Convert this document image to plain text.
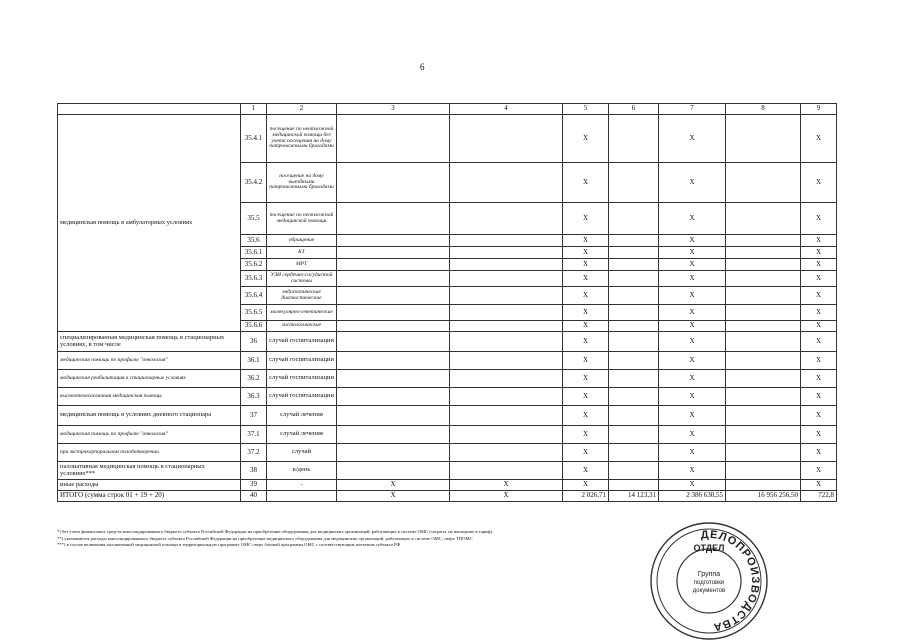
6
	1	2	3	4	5	6	7	8	9
медицинская помощь в амбулаторных условиях	35.4.1	посещение по неотложной медицинской помощи без учета посещения на дому патронажными бригадами			X		X		X
	35.4.2	посещение на дому выездными патронажными бригадами			X		X		X
	35.5	посещение по неотложной медицинской помощи			X		X		X
	35.6	обращение			X		X		X
	35.6.1	КТ			X		X		X
	35.6.2	МРТ			X		X		X
	35.6.3	УЗИ сердечно-сосудистой системы			X		X		X
	35.6.4	эндоскопические диагностические			X		X		X
	35.6.5	молекулярно-генетические			X		X		X
	35.6.6	гистологические			X		X		X
специализированная медицинская помощь в стационарных условиях, в том числе	36	случай госпитализации			X		X		X
медицинская помощь по профилю "онкология"	36.1	случай госпитализации			X		X		X
медицинская реабилитация в стационарных условиях	36.2	случай госпитализации			X		X		X
высокотехнологичная медицинская помощь	36.3	случай госпитализации			X		X		X
медицинская помощь в условиях дневного стационара	37	случай лечения			X		X		X
медицинская помощь по профилю "онкология"	37.1	случай лечения			X		X		X
при экстракорпоральном оплодотворении	37.2	случай			X		X		X
паллиативная медицинская помощь в стационарных условиях***	38	к/день			X		X		X
иные расходы	39	-	X	X	X		X		X
ИТОГО (сумма строк 01 + 19 + 20)	40		X	X	2 026,71	14 123,31	2 386 630,55	16 956 256,50	722,8
*) без учета финансовых средств консолидированного бюджета субъекта Российской Федерации на приобретение оборудования для медицинских организаций, работающих в системе ОМС (затраты, не вошедшие в тариф).
**) указываются расходы консолидированного бюджета субъекта Российской Федерации на приобретение медицинского оборудования для медицинских организаций, работающих в системе ОМС, сверх ТПОМС
***) в случае включения паллиативной медицинской помощи в территориальную программу ОМС сверх базовой программы ОМС с соответствующим платежом субъекта РФ
ДЕЛОПРОИЗВОДСТВА
ОТДЕЛ
Группа
подготовки
документов
